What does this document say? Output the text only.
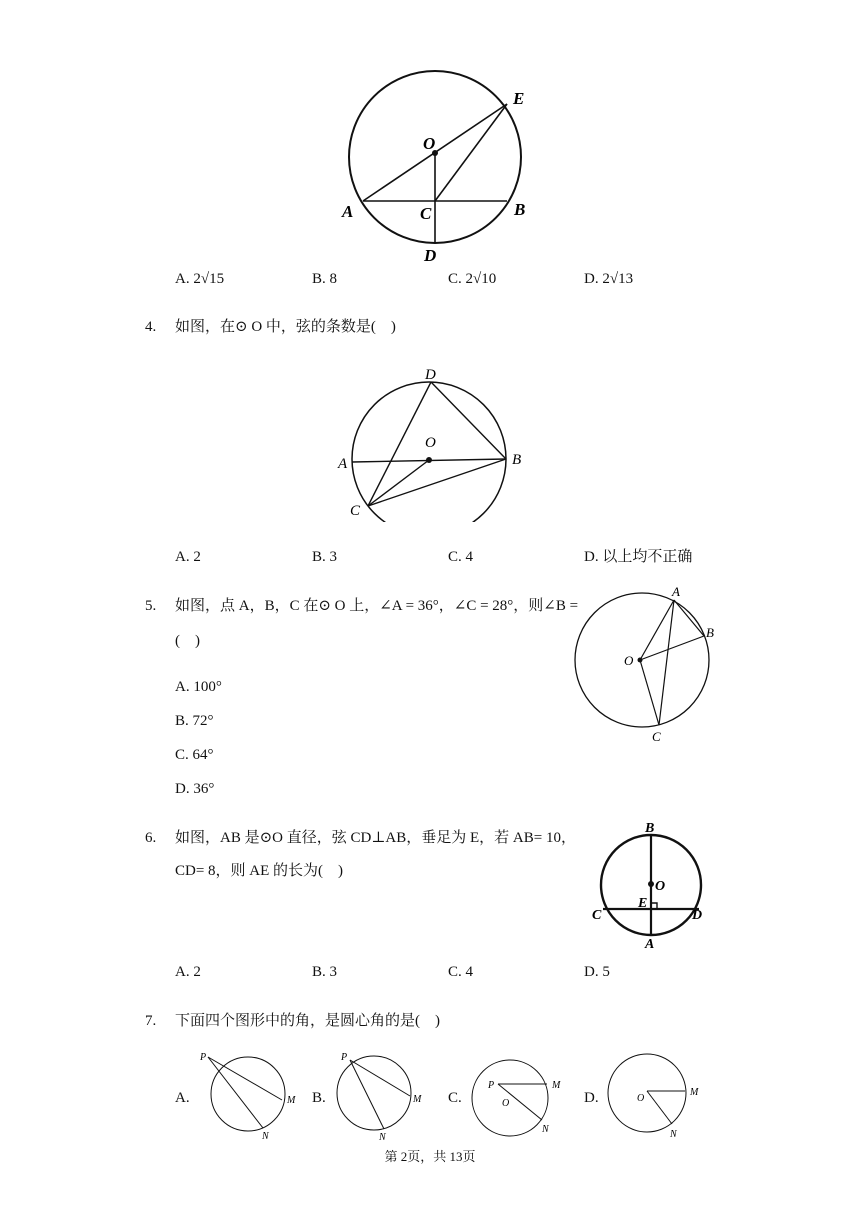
O
E
A	C	B
D
A. 2√15	B. 8	C. 2√10	D. 2√13
4. 如图，在⊙ O 中，弦的条数是(　)
D
O
A	B
C
A. 2	B. 3	C. 4	D. 以上均不正确
5. 如图，点 A，B，C 在⊙ O 上，∠A = 36°，∠C = 28°，则∠B =
(　)
A
B
O
C
A. 100°
B. 72°
C. 64°
D. 36°
6. 如图，AB 是⊙O 直径，弦 CD⊥AB，垂足为 E，若 AB= 10，
CD= 8，则 AE 的长为(　)
B
O
E
C	D
A
A. 2	B. 3	C. 4	D. 5
7. 下面四个图形中的角，是圆心角的是(　)
A.	B.	C.	D.
P
M
N
P
M
N
P
O
M
N
O
M
N
第 2页，共 13页
